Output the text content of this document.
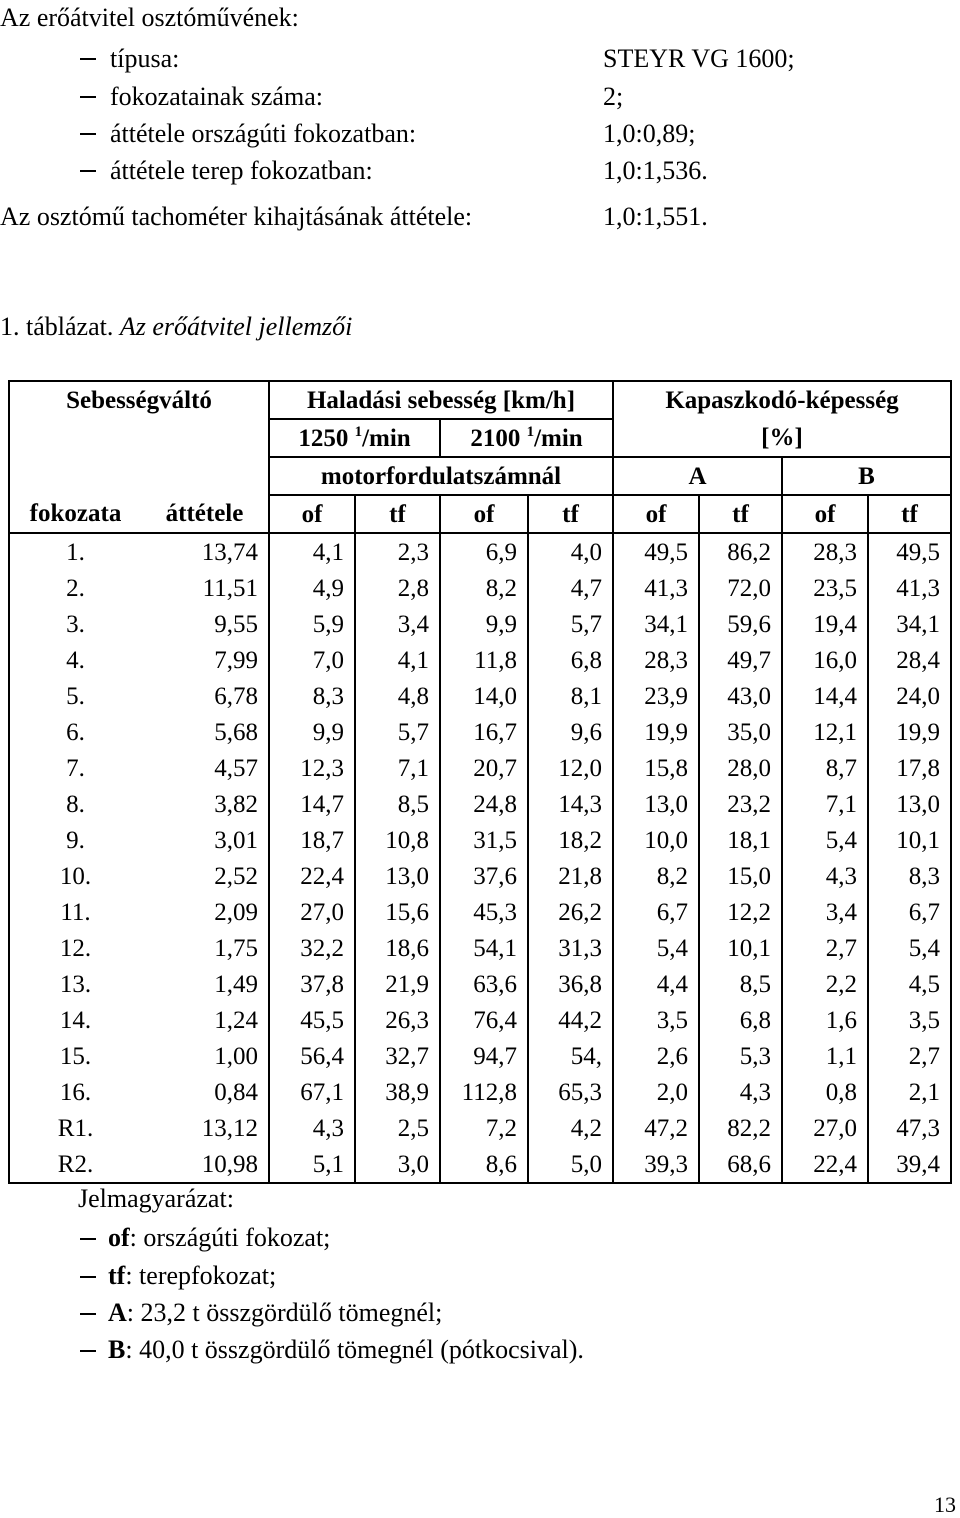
Az erőátvitel osztóművének:
típusa:	STEYR VG 1600;
fokozatainak száma:	2;
áttétele országúti fokozatban:	1,0:0,89;
áttétele terep fokozatban:	1,0:1,536.
Az osztómű tachométer kihajtásának áttétele:	1,0:1,551.
1. táblázat. Az erőátvitel jellemzői
Sebességváltó		Haladási sebesség [km/h]				Kapaszkodó-képesség			
		1250 $^1$/min		2100 $^1$/min		[%]			
		motorfordulatszámnál				A		B	
fokozata	áttétele	of	tf	of	tf	of	tf	of	tf
1.	13,74	4,1	2,3	6,9	4,0	49,5	86,2	28,3	49,5
2.	11,51	4,9	2,8	8,2	4,7	41,3	72,0	23,5	41,3
3.	9,55	5,9	3,4	9,9	5,7	34,1	59,6	19,4	34,1
4.	7,99	7,0	4,1	11,8	6,8	28,3	49,7	16,0	28,4
5.	6,78	8,3	4,8	14,0	8,1	23,9	43,0	14,4	24,0
6.	5,68	9,9	5,7	16,7	9,6	19,9	35,0	12,1	19,9
7.	4,57	12,3	7,1	20,7	12,0	15,8	28,0	8,7	17,8
8.	3,82	14,7	8,5	24,8	14,3	13,0	23,2	7,1	13,0
9.	3,01	18,7	10,8	31,5	18,2	10,0	18,1	5,4	10,1
10.	2,52	22,4	13,0	37,6	21,8	8,2	15,0	4,3	8,3
11.	2,09	27,0	15,6	45,3	26,2	6,7	12,2	3,4	6,7
12.	1,75	32,2	18,6	54,1	31,3	5,4	10,1	2,7	5,4
13.	1,49	37,8	21,9	63,6	36,8	4,4	8,5	2,2	4,5
14.	1,24	45,5	26,3	76,4	44,2	3,5	6,8	1,6	3,5
15.	1,00	56,4	32,7	94,7	54,	2,6	5,3	1,1	2,7
16.	0,84	67,1	38,9	112,8	65,3	2,0	4,3	0,8	2,1
R1.	13,12	4,3	2,5	7,2	4,2	47,2	82,2	27,0	47,3
R2.	10,98	5,1	3,0	8,6	5,0	39,3	68,6	22,4	39,4
Jelmagyarázat:
of: országúti fokozat;
tf: terepfokozat;
A: 23,2 t összgördülő tömegnél;
B: 40,0 t összgördülő tömegnél (pótkocsival).
13
